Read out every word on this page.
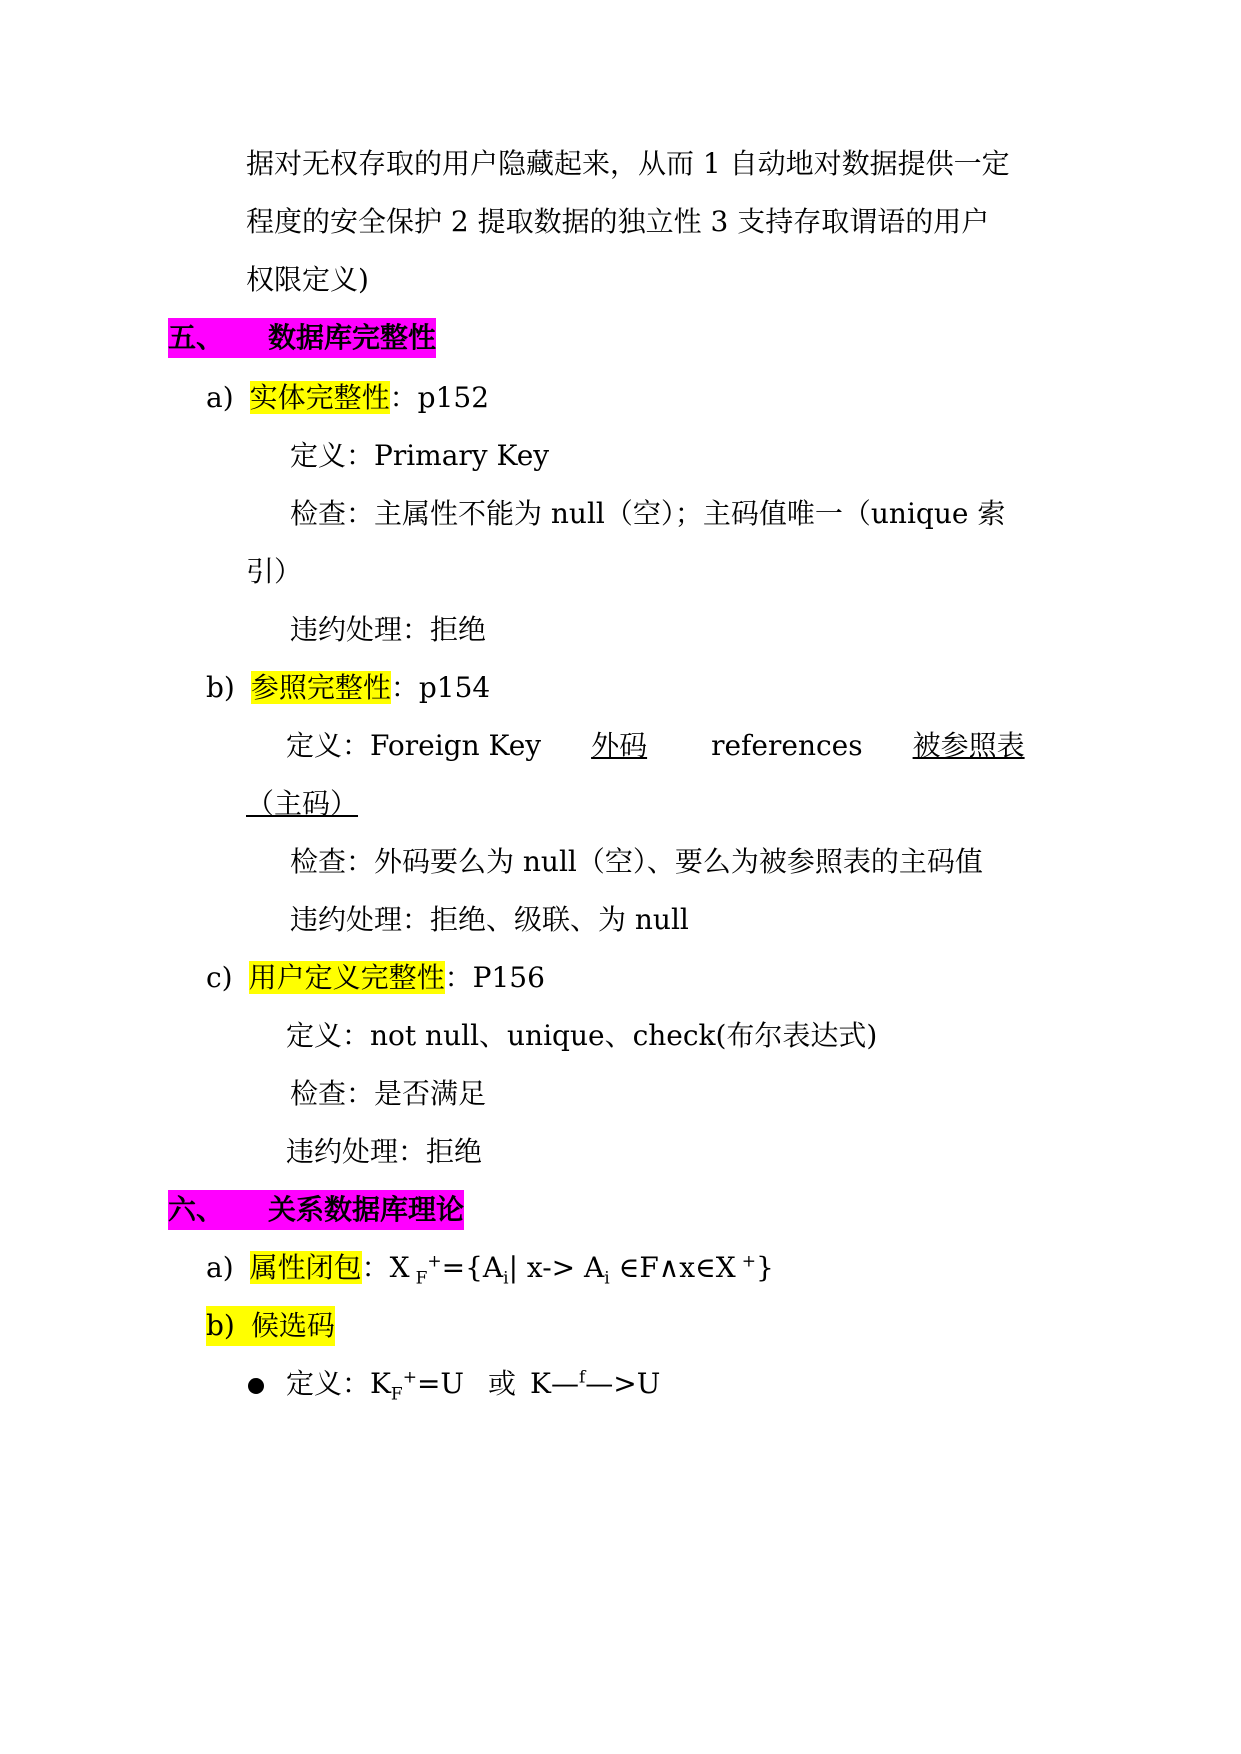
据对无权存取的用户隐藏起来，从而 1 自动地对数据提供一定
程度的安全保护 2 提取数据的独立性 3 支持存取谓语的用户
权限定义)
五、 数据库完整性
a) 实体完整性：p152
定义：Primary Key
检查：主属性不能为 null（空）；主码值唯一（unique 索
引）
违约处理：拒绝
b) 参照完整性：p154
定义：Foreign Key 外码 references 被参照表
（主码）
检查：外码要么为 null（空）、要么为被参照表的主码值
违约处理：拒绝、级联、为 null
c) 用户定义完整性：P156
定义：not null、unique、check(布尔表达式)
检查：是否满足
违约处理：拒绝
六、 关系数据库理论
a) 属性闭包：X $_F^+=\{A_i|$ $x-> A_i$ ∈F∧x∈X +}
b) 候选码
定义：$K_F^+=U$ 或 K—$^f$—>U
